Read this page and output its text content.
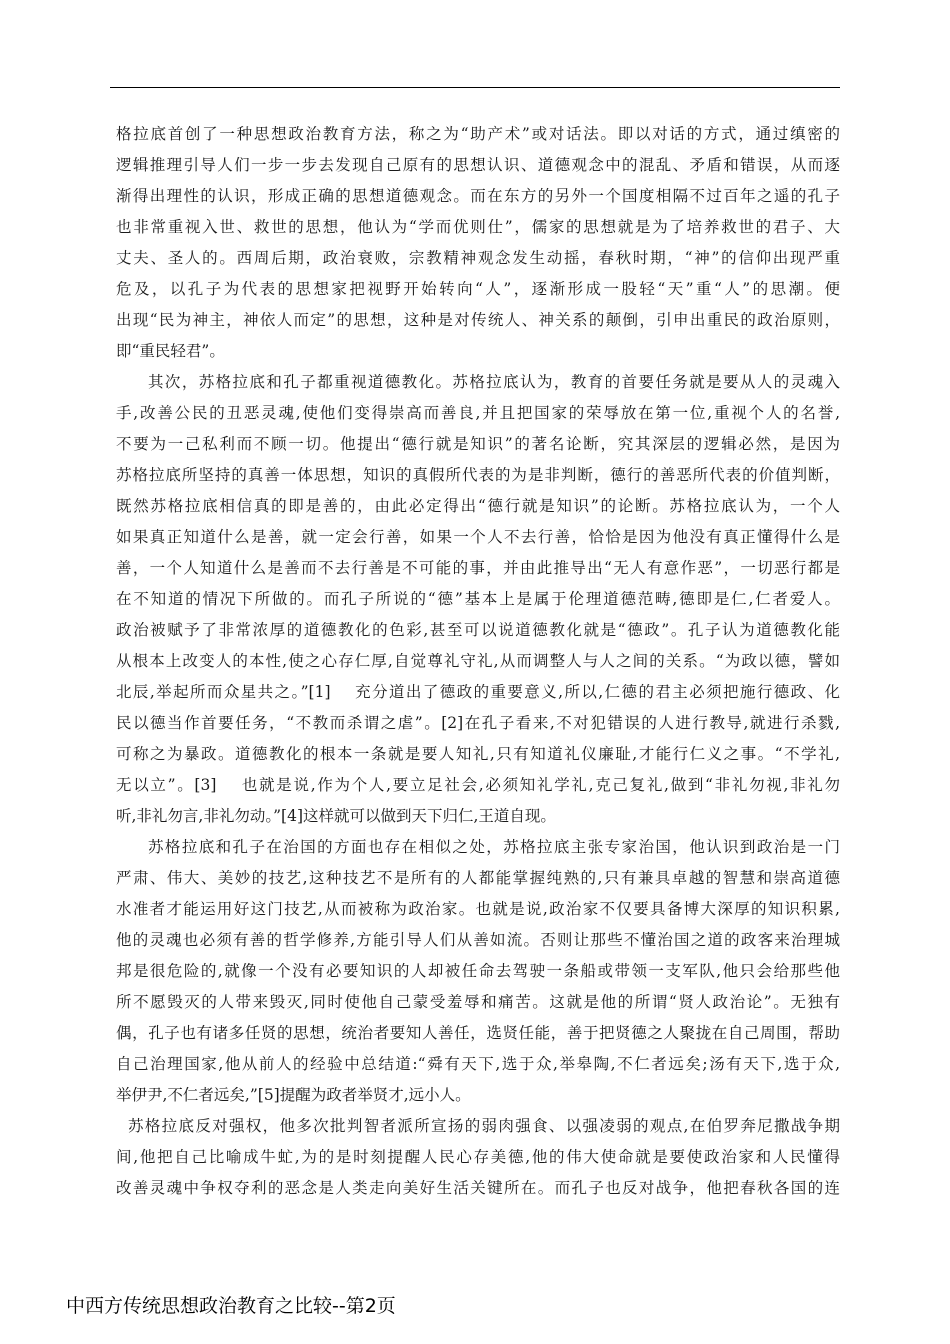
格拉底首创了一种思想政治教育方法，称之为“助产术”或对话法。即以对话的方式，通过缜密的
逻辑推理引导人们一步一步去发现自己原有的思想认识、道德观念中的混乱、矛盾和错误，从而逐
渐得出理性的认识，形成正确的思想道德观念。而在东方的另外一个国度相隔不过百年之遥的孔子
也非常重视入世、救世的思想，他认为“学而优则仕”，儒家的思想就是为了培养救世的君子、大
丈夫、圣人的。西周后期，政治衰败，宗教精神观念发生动摇，春秋时期，“神”的信仰出现严重
危及，以孔子为代表的思想家把视野开始转向“人”，逐渐形成一股轻“天”重“人”的思潮。便
出现“民为神主，神依人而定”的思想，这种是对传统人、神关系的颠倒，引申出重民的政治原则，
即“重民轻君”。
其次，苏格拉底和孔子都重视道德教化。苏格拉底认为，教育的首要任务就是要从人的灵魂入
手,改善公民的丑恶灵魂,使他们变得崇高而善良,并且把国家的荣辱放在第一位,重视个人的名誉,
不要为一己私利而不顾一切。他提出“德行就是知识”的著名论断，究其深层的逻辑必然，是因为
苏格拉底所坚持的真善一体思想，知识的真假所代表的为是非判断，德行的善恶所代表的价值判断，
既然苏格拉底相信真的即是善的，由此必定得出“德行就是知识”的论断。苏格拉底认为，一个人
如果真正知道什么是善，就一定会行善，如果一个人不去行善，恰恰是因为他没有真正懂得什么是
善，一个人知道什么是善而不去行善是不可能的事，并由此推导出“无人有意作恶”，一切恶行都是
在不知道的情况下所做的。而孔子所说的“德”基本上是属于伦理道德范畴,德即是仁,仁者爱人。
政治被赋予了非常浓厚的道德教化的色彩,甚至可以说道德教化就是“德政”。孔子认为道德教化能
从根本上改变人的本性,使之心存仁厚,自觉尊礼守礼,从而调整人与人之间的关系。“为政以德，譬如
北辰,举起所而众星共之。”[1]　 充分道出了德政的重要意义,所以,仁德的君主必须把施行德政、化
民以德当作首要任务，“不教而杀谓之虐”。[2]在孔子看来,不对犯错误的人进行教导,就进行杀戮,
可称之为暴政。道德教化的根本一条就是要人知礼,只有知道礼仪廉耻,才能行仁义之事。“不学礼,
无以立”。[3]　 也就是说,作为个人,要立足社会,必须知礼学礼,克己复礼,做到“非礼勿视,非礼勿
听,非礼勿言,非礼勿动。”[4]这样就可以做到天下归仁,王道自现。
苏格拉底和孔子在治国的方面也存在相似之处，苏格拉底主张专家治国，他认识到政治是一门
严肃、伟大、美妙的技艺,这种技艺不是所有的人都能掌握纯熟的,只有兼具卓越的智慧和崇高道德
水准者才能运用好这门技艺,从而被称为政治家。也就是说,政治家不仅要具备博大深厚的知识积累,
他的灵魂也必须有善的哲学修养,方能引导人们从善如流。否则让那些不懂治国之道的政客来治理城
邦是很危险的,就像一个没有必要知识的人却被任命去驾驶一条船或带领一支军队,他只会给那些他
所不愿毁灭的人带来毁灭,同时使他自己蒙受羞辱和痛苦。这就是他的所谓“贤人政治论”。无独有
偶，孔子也有诸多任贤的思想，统治者要知人善任，选贤任能，善于把贤德之人聚拢在自己周围，帮助
自己治理国家,他从前人的经验中总结道:“舜有天下,选于众,举皋陶,不仁者远矣;汤有天下,选于众,
举伊尹,不仁者远矣,”[5]提醒为政者举贤才,远小人。
苏格拉底反对强权，他多次批判智者派所宣扬的弱肉强食、以强凌弱的观点,在伯罗奔尼撒战争期
间,他把自己比喻成牛虻,为的是时刻提醒人民心存美德,他的伟大使命就是要使政治家和人民懂得
改善灵魂中争权夺利的恶念是人类走向美好生活关键所在。而孔子也反对战争，他把春秋各国的连
中西方传统思想政治教育之比较--第2页
